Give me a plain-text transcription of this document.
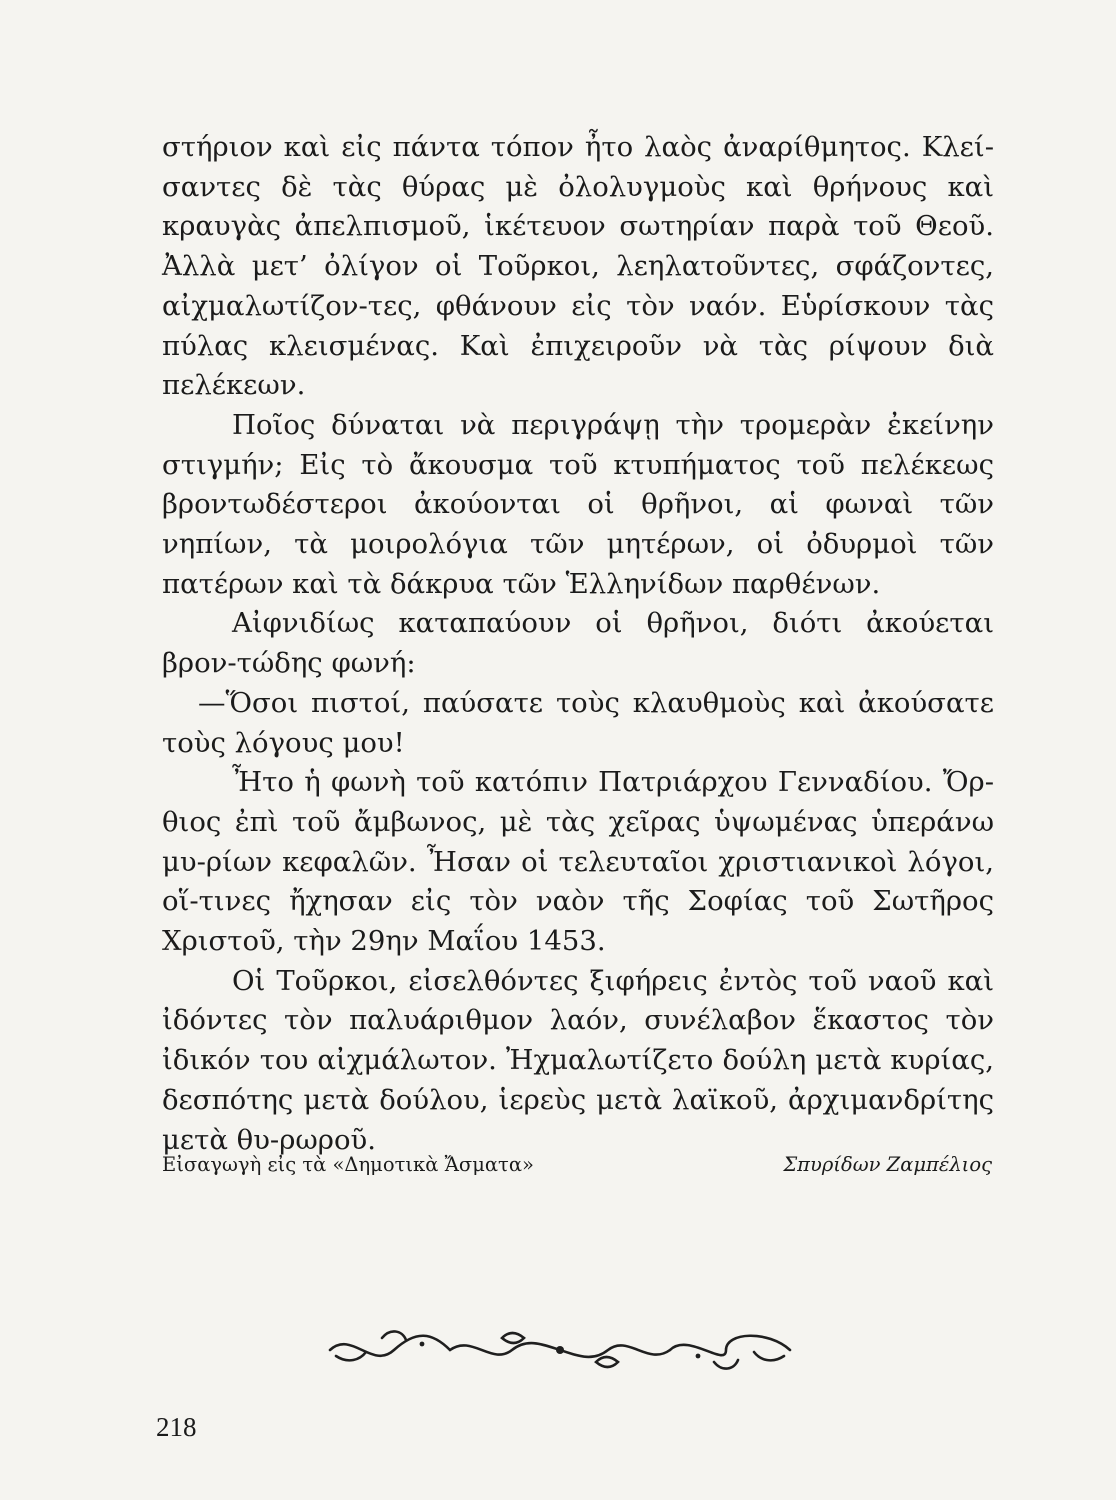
στήριον καὶ εἰς πάντα τόπον ἦτο λαὸς ἀναρίθμητος. Κλεί-σαντες δὲ τὰς θύρας μὲ ὀλολυγμοὺς καὶ θρήνους καὶ κραυγὰς ἀπελπισμοῦ, ἱκέτευον σωτηρίαν παρὰ τοῦ Θεοῦ. Ἀλλὰ μετ’ ὀλίγον οἱ Τοῦρκοι, λεηλατοῦντες, σφάζοντες, αἰχμαλωτίζον-τες, φθάνουν εἰς τὸν ναόν. Εὑρίσκουν τὰς πύλας κλεισμένας. Καὶ ἐπιχειροῦν νὰ τὰς ρίψουν διὰ πελέκεων.

Ποῖος δύναται νὰ περιγράψῃ τὴν τρομερὰν ἐκείνην στιγμήν; Εἰς τὸ ἄκουσμα τοῦ κτυπήματος τοῦ πελέκεως βροντωδέστεροι ἀκούονται οἱ θρῆνοι, αἱ φωναὶ τῶν νηπίων, τὰ μοιρολόγια τῶν μητέρων, οἱ ὀδυρμοὶ τῶν πατέρων καὶ τὰ δάκρυα τῶν Ἑλληνίδων παρθένων.

Αἰφνιδίως καταπαύουν οἱ θρῆνοι, διότι ἀκούεται βρον-τώδης φωνή:

—Ὅσοι πιστοί, παύσατε τοὺς κλαυθμοὺς καὶ ἀκούσατε τοὺς λόγους μου!

Ἦτο ἡ φωνὴ τοῦ κατόπιν Πατριάρχου Γενναδίου. Ὄρ-θιος ἐπὶ τοῦ ἄμβωνος, μὲ τὰς χεῖρας ὑψωμένας ὑπεράνω μυ-ρίων κεφαλῶν. Ἦσαν οἱ τελευταῖοι χριστιανικοὶ λόγοι, οἵ-τινες ἤχησαν εἰς τὸν ναὸν τῆς Σοφίας τοῦ Σωτῆρος Χριστοῦ, τὴν 29ην Μαΐου 1453.

Οἱ Τοῦρκοι, εἰσελθόντες ξιφήρεις ἐντὸς τοῦ ναοῦ καὶ ἰδόντες τὸν παλυάριθμον λαόν, συνέλαβον ἕκαστος τὸν ἰδικόν του αἰχμάλωτον. Ἠχμαλωτίζετο δούλη μετὰ κυρίας, δεσπότης μετὰ δούλου, ἱερεὺς μετὰ λαϊκοῦ, ἀρχιμανδρίτης μετὰ θυ-ρωροῦ.

Εἰσαγωγὴ εἰς τὰ «Δημοτικὰ Ἄσματα»	Σπυρίδων Ζαμπέλιος
218
